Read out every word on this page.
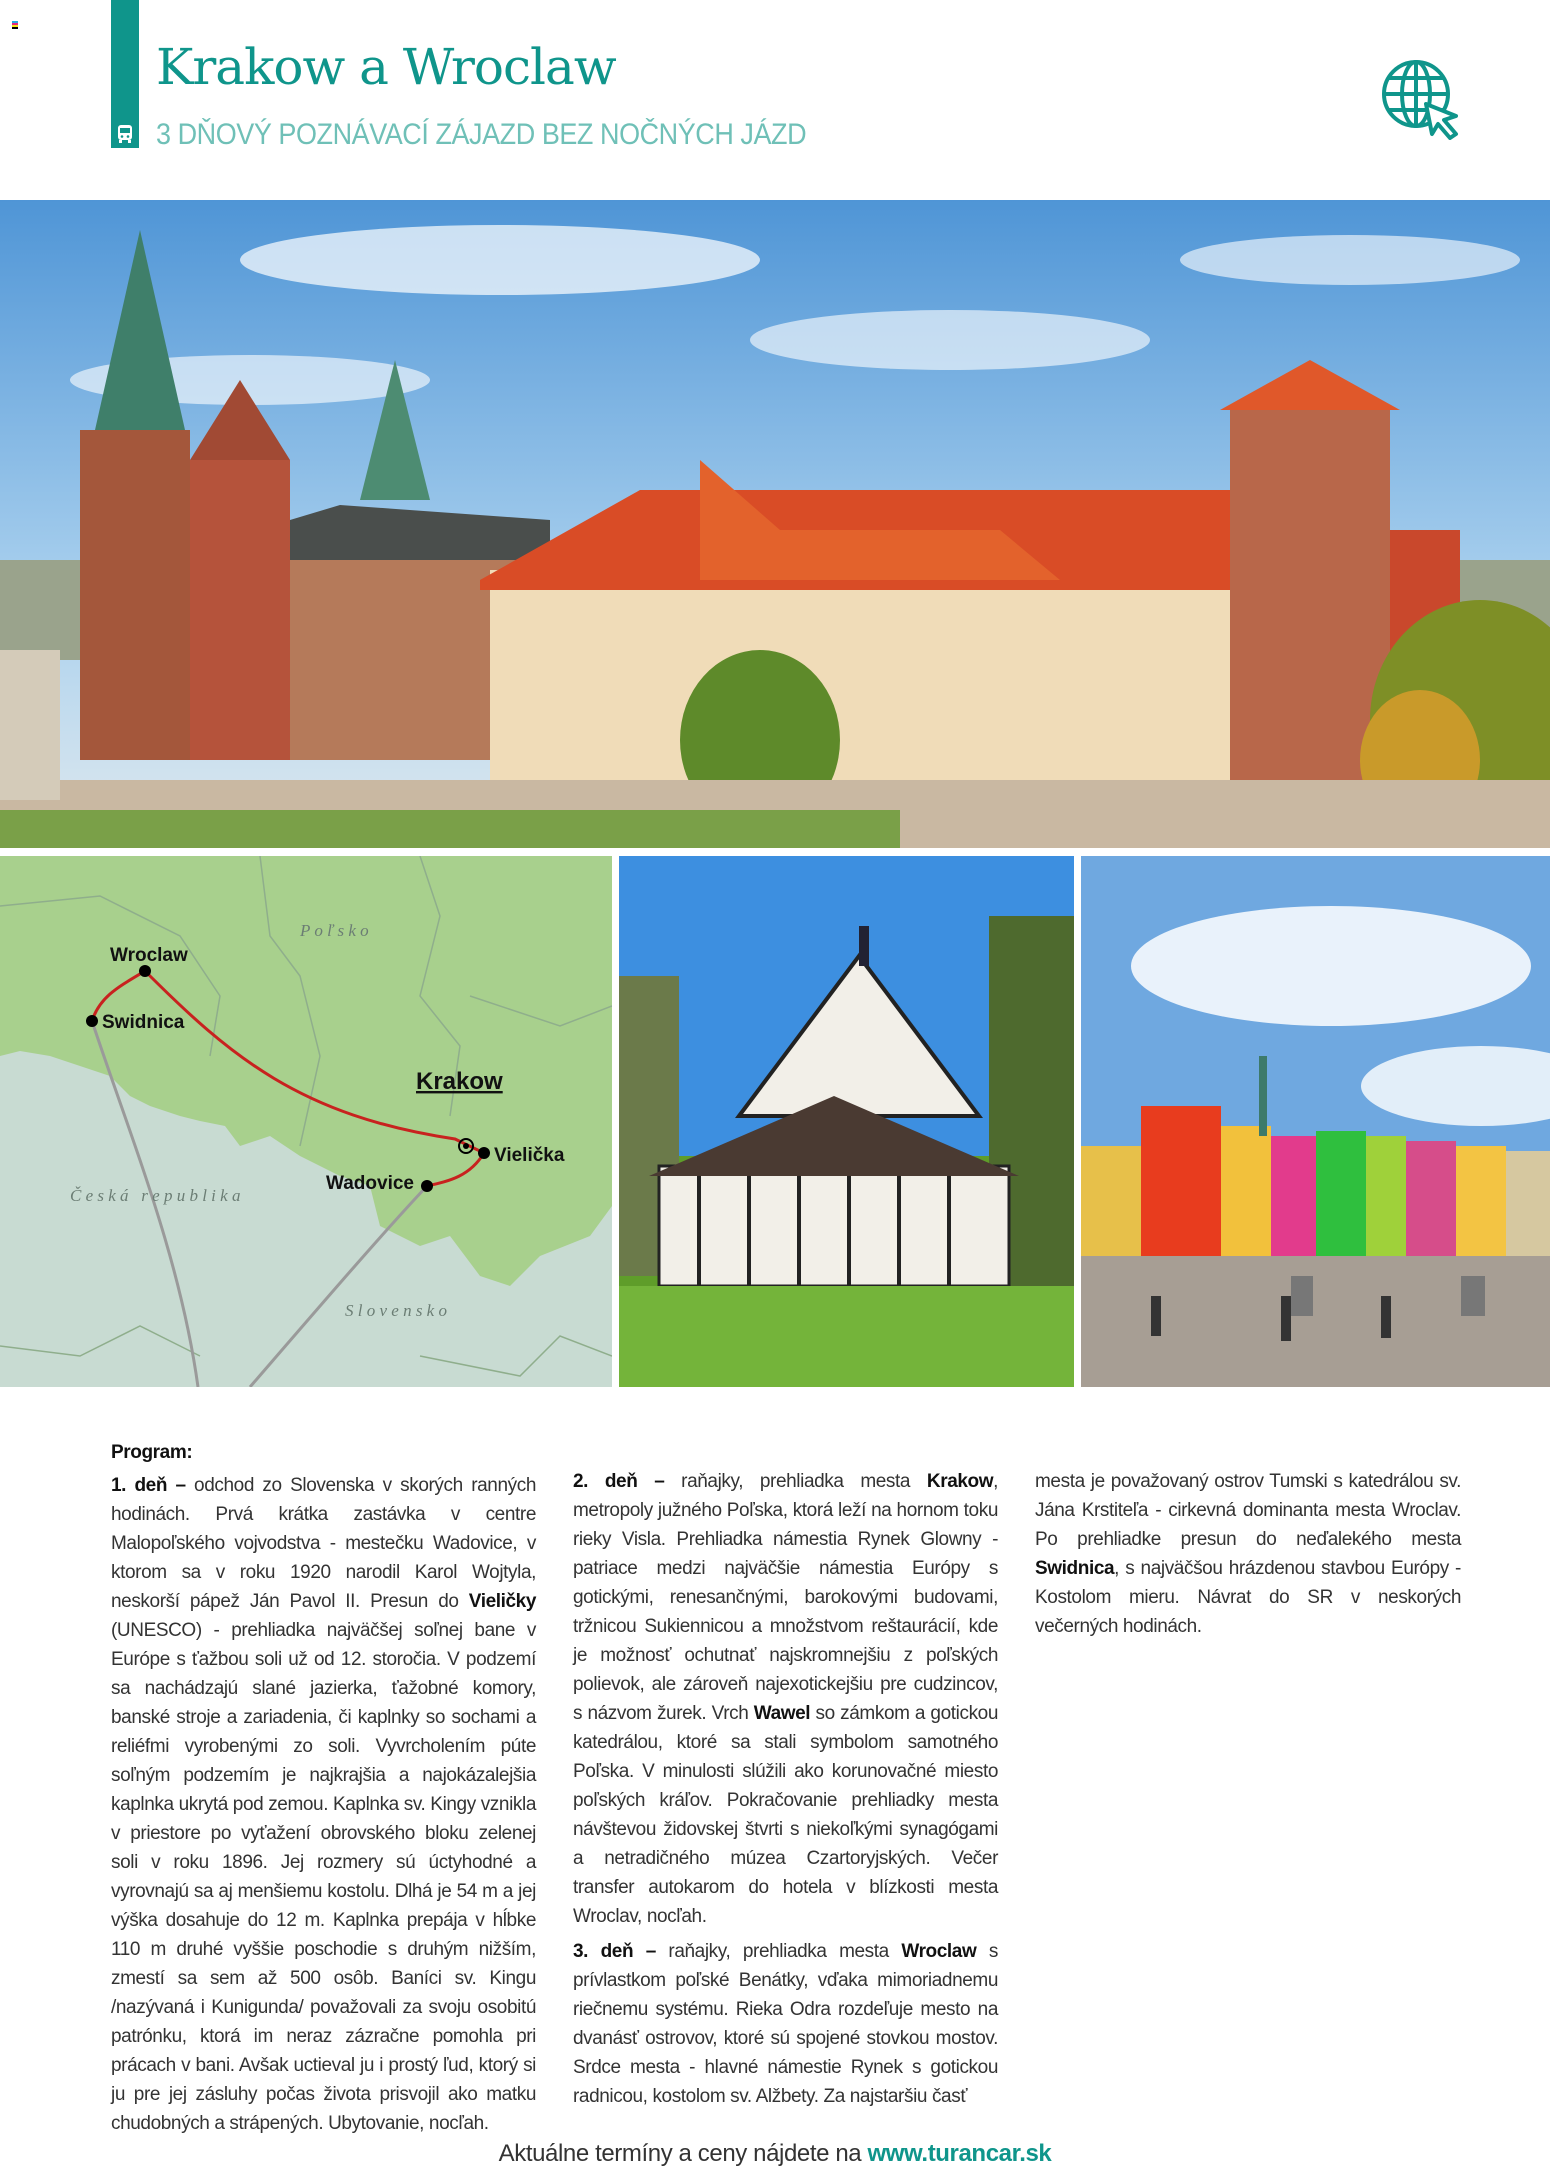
Krakow a Wroclaw
3 DŇOVÝ POZNÁVACÍ ZÁJAZD BEZ NOČNÝCH JÁZD
Wroclaw
Swidnica
Krakow
Vielička
Wadovice
P o ľ s k o
Č e s k á   r e p u b l i k a
S l o v e n s k o
Program:

1. deň – odchod zo Slovenska v skorých ranných hodinách. Prvá krátka zastávka v centre Malopoľského vojvodstva - mestečku Wadovice, v ktorom sa v roku 1920 narodil Karol Wojtyla, neskorší pápež Ján Pavol II. Presun do Vieličky (UNESCO) - prehliadka najväčšej soľnej bane v Európe s ťažbou soli už od 12. storočia. V podzemí sa nachádzajú slané jazierka, ťažobné komory, banské stroje a zariadenia, či kaplnky so sochami a reliéfmi vyrobenými zo soli. Vyvrcholením púte soľným podzemím je najkrajšia a najokázalejšia kaplnka ukrytá pod zemou. Kaplnka sv. Kingy vznikla v priestore po vyťažení obrovského bloku zelenej soli v roku 1896. Jej rozmery sú úctyhodné a vyrovnajú sa aj menšiemu kostolu. Dlhá je 54 m a jej výška dosahuje do 12 m. Kaplnka prepája v hĺbke 110 m druhé vyššie poschodie s druhým nižším, zmestí sa sem až 500 osôb. Baníci sv. Kingu /nazývaná i Kunigunda/ považovali za svoju osobitú patrónku, ktorá im neraz zázračne pomohla pri prácach v bani. Avšak uctieval ju i prostý ľud, ktorý si ju pre jej zásluhy počas života prisvojil ako matku chudobných a strápených. Ubytovanie, nocľah.

2. deň – raňajky, prehliadka mesta Krakow, metropoly južného Poľska, ktorá leží na hornom toku rieky Visla. Prehliadka námestia Rynek Glowny - patriace medzi najväčšie námestia Európy s gotickými, renesančnými, barokovými budovami, tržnicou Sukiennicou a množstvom reštaurácií, kde je možnosť ochutnať najskromnejšiu z poľských polievok, ale zároveň najexotickejšiu pre cudzincov, s názvom žurek. Vrch Wawel so zámkom a gotickou katedrálou, ktoré sa stali symbolom samotného Poľska. V minulosti slúžili ako korunovačné miesto poľských kráľov. Pokračovanie prehliadky mesta návštevou židovskej štvrti s niekoľkými synagógami a netradičného múzea Czartoryjských. Večer transfer autokarom do hotela v blízkosti mesta Wroclav, nocľah.

3. deň – raňajky, prehliadka mesta Wroclaw s prívlastkom poľské Benátky, vďaka mimoriadnemu riečnemu systému. Rieka Odra rozdeľuje mesto na dvanásť ostrovov, ktoré sú spojené stovkou mostov. Srdce mesta - hlavné námestie Rynek s gotickou radnicou, kostolom sv. Alžbety. Za najstaršiu časť

mesta je považovaný ostrov Tumski s katedrálou sv. Jána Krstiteľa - cirkevná dominanta mesta Wroclav. Po prehliadke presun do neďalekého mesta Swidnica, s najväčšou hrázdenou stavbou Európy - Kostolom mieru. Návrat do SR v neskorých večerných hodinách.

Aktuálne termíny a ceny nájdete na www.turancar.sk
